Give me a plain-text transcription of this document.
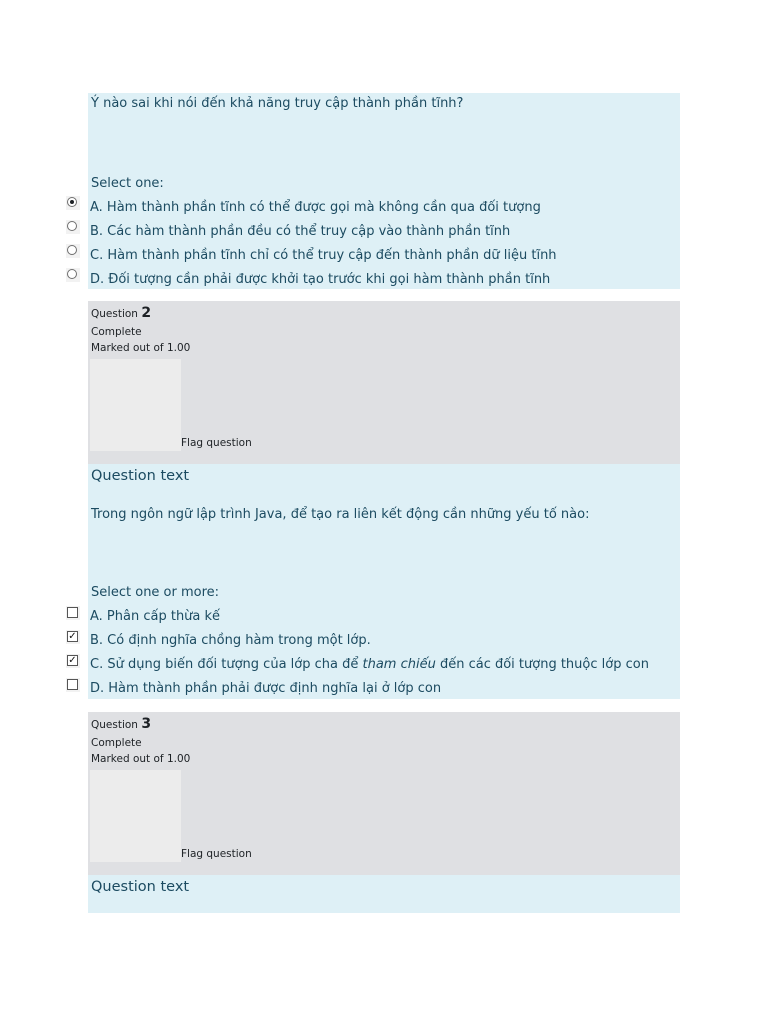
Ý nào sai khi nói đến khả năng truy cập thành phần tĩnh?
Select one:
A. Hàm thành phần tĩnh có thể được gọi mà không cần qua đối tượng
B. Các hàm thành phần đều có thể truy cập vào thành phần tĩnh
C. Hàm thành phần tĩnh chỉ có thể truy cập đến thành phần dữ liệu tĩnh
D. Đối tượng cần phải được khởi tạo trước khi gọi hàm thành phần tĩnh
Question 2
Complete
Marked out of 1.00
Flag question
Question text
Trong ngôn ngữ lập trình Java, để tạo ra liên kết động cần những yếu tố nào:
Select one or more:
A. Phân cấp thừa kế
B. Có định nghĩa chồng hàm trong một lớp.
C. Sử dụng biến đối tượng của lớp cha để tham chiếu đến các đối tượng thuộc lớp con
D. Hàm thành phần phải được định nghĩa lại ở lớp con
✓
✓
Question 3
Complete
Marked out of 1.00
Flag question
Question text
